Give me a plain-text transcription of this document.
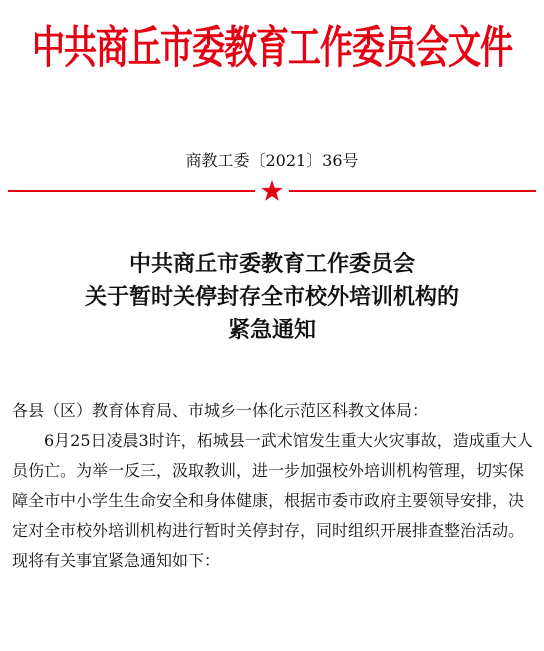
中共商丘市委教育工作委员会文件
商教工委〔2021〕36号
中共商丘市委教育工作委员会
关于暂时关停封存全市校外培训机构的
紧急通知

各县（区）教育体育局、市城乡一体化示范区科教文体局：

6月25日凌晨3时许，柘城县一武术馆发生重大火灾事故，造成重大人员伤亡。为举一反三，汲取教训，进一步加强校外培训机构管理，切实保障全市中小学生生命安全和身体健康，根据市委市政府主要领导安排，决定对全市校外培训机构进行暂时关停封存，同时组织开展排查整治活动。现将有关事宜紧急通知如下：
